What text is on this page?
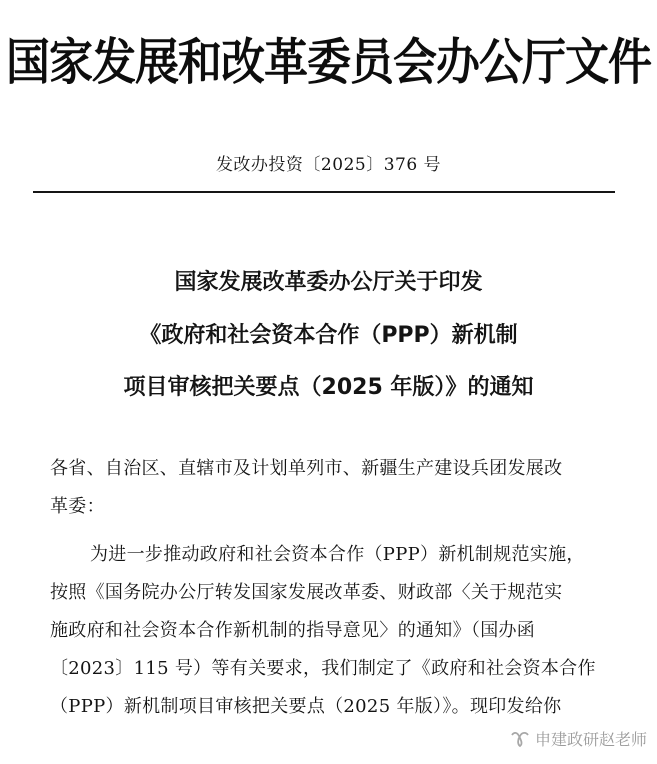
国家发展和改革委员会办公厅文件
发改办投资〔2025〕376 号
国家发展改革委办公厅关于印发
《政府和社会资本合作（PPP）新机制
项目审核把关要点（2025 年版）》的通知
各省、自治区、直辖市及计划单列市、新疆生产建设兵团发展改
革委：
为进一步推动政府和社会资本合作（PPP）新机制规范实施，
按照《国务院办公厅转发国家发展改革委、财政部〈关于规范实
施政府和社会资本合作新机制的指导意见〉的通知》（国办函
〔2023〕115 号）等有关要求，我们制定了《政府和社会资本合作
（PPP）新机制项目审核把关要点（2025 年版）》。现印发给你
申建政研赵老师
